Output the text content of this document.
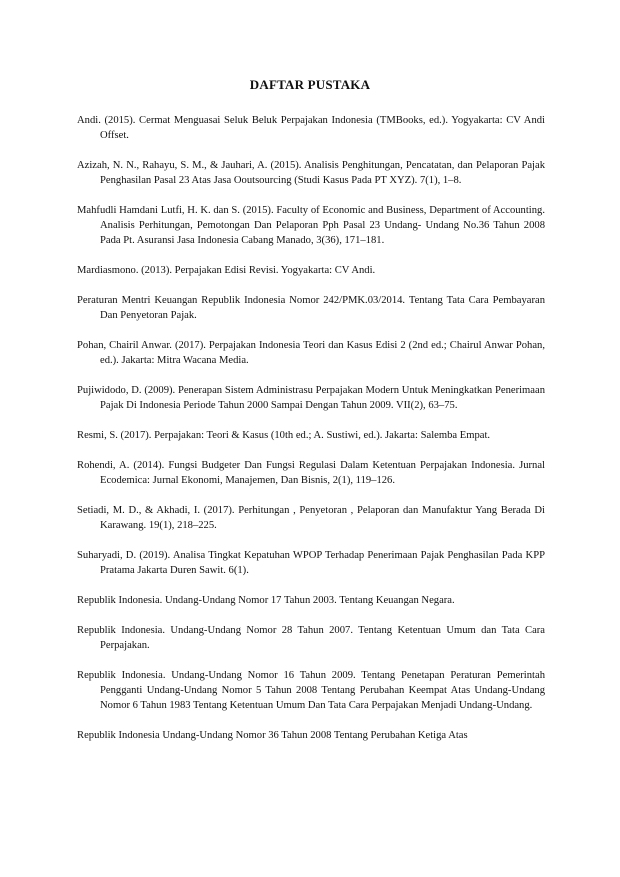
DAFTAR PUSTAKA

Andi. (2015). Cermat Menguasai Seluk Beluk Perpajakan Indonesia (TMBooks, ed.). Yogyakarta: CV Andi Offset.

Azizah, N. N., Rahayu, S. M., & Jauhari, A. (2015). Analisis Penghitungan, Pencatatan, dan Pelaporan Pajak Penghasilan Pasal 23 Atas Jasa Ooutsourcing (Studi Kasus Pada PT XYZ). 7(1), 1–8.

Mahfudli Hamdani Lutfi, H. K. dan S. (2015). Faculty of Economic and Business, Department of Accounting. Analisis Perhitungan, Pemotongan Dan Pelaporan Pph Pasal 23 Undang- Undang No.36 Tahun 2008 Pada Pt. Asuransi Jasa Indonesia Cabang Manado, 3(36), 171–181.

Mardiasmono. (2013). Perpajakan Edisi Revisi. Yogyakarta: CV Andi.

Peraturan Mentri Keuangan Republik Indonesia Nomor 242/PMK.03/2014. Tentang Tata Cara Pembayaran Dan Penyetoran Pajak.

Pohan, Chairil Anwar. (2017). Perpajakan Indonesia Teori dan Kasus Edisi 2 (2nd ed.; Chairul Anwar Pohan, ed.). Jakarta: Mitra Wacana Media.

Pujiwidodo, D. (2009). Penerapan Sistem Administrasu Perpajakan Modern Untuk Meningkatkan Penerimaan Pajak Di Indonesia Periode Tahun 2000 Sampai Dengan Tahun 2009. VII(2), 63–75.

Resmi, S. (2017). Perpajakan: Teori & Kasus (10th ed.; A. Sustiwi, ed.). Jakarta: Salemba Empat.

Rohendi, A. (2014). Fungsi Budgeter Dan Fungsi Regulasi Dalam Ketentuan Perpajakan Indonesia. Jurnal Ecodemica: Jurnal Ekonomi, Manajemen, Dan Bisnis, 2(1), 119–126.

Setiadi, M. D., & Akhadi, I. (2017). Perhitungan , Penyetoran , Pelaporan dan Manufaktur Yang Berada Di Karawang. 19(1), 218–225.

Suharyadi, D. (2019). Analisa Tingkat Kepatuhan WPOP Terhadap Penerimaan Pajak Penghasilan Pada KPP Pratama Jakarta Duren Sawit. 6(1).

Republik Indonesia. Undang-Undang Nomor 17 Tahun 2003. Tentang Keuangan Negara.

Republik Indonesia. Undang-Undang Nomor 28 Tahun 2007. Tentang Ketentuan Umum dan Tata Cara Perpajakan.

Republik Indonesia. Undang-Undang Nomor 16 Tahun 2009. Tentang Penetapan Peraturan Pemerintah Pengganti Undang-Undang Nomor 5 Tahun 2008 Tentang Perubahan Keempat Atas Undang-Undang Nomor 6 Tahun 1983 Tentang Ketentuan Umum Dan Tata Cara Perpajakan Menjadi Undang-Undang.

Republik Indonesia Undang-Undang Nomor 36 Tahun 2008 Tentang Perubahan Ketiga Atas
